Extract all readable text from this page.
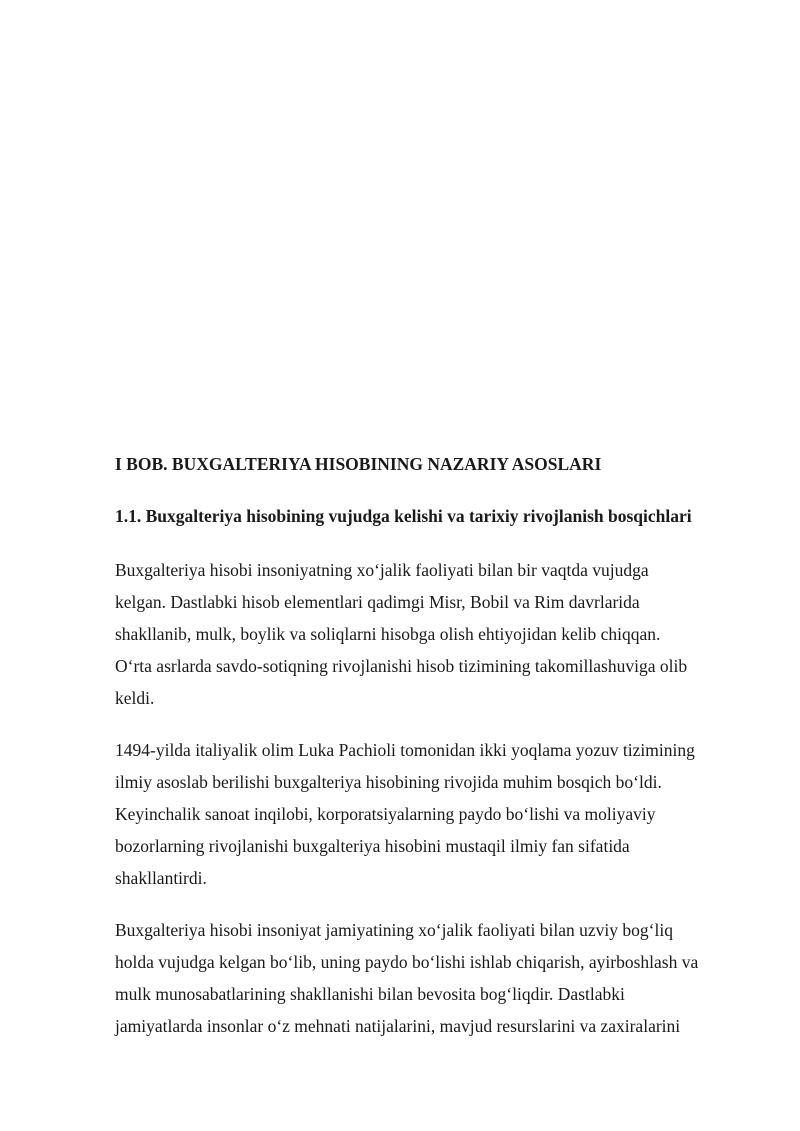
I BOB. BUXGALTERIYA HISOBINING NAZARIY ASOSLARI
1.1. Buxgalteriya hisobining vujudga kelishi va tarixiy rivojlanish bosqichlari
Buxgalteriya hisobi insoniyatning xo‘jalik faoliyati bilan bir vaqtda vujudga
kelgan. Dastlabki hisob elementlari qadimgi Misr, Bobil va Rim davrlarida
shakllanib, mulk, boylik va soliqlarni hisobga olish ehtiyojidan kelib chiqqan.
O‘rta asrlarda savdo-sotiqning rivojlanishi hisob tizimining takomillashuviga olib
keldi.
1494-yilda italiyalik olim Luka Pachioli tomonidan ikki yoqlama yozuv tizimining
ilmiy asoslab berilishi buxgalteriya hisobining rivojida muhim bosqich bo‘ldi.
Keyinchalik sanoat inqilobi, korporatsiyalarning paydo bo‘lishi va moliyaviy
bozorlarning rivojlanishi buxgalteriya hisobini mustaqil ilmiy fan sifatida
shakllantirdi.
Buxgalteriya hisobi insoniyat jamiyatining xo‘jalik faoliyati bilan uzviy bog‘liq
holda vujudga kelgan bo‘lib, uning paydo bo‘lishi ishlab chiqarish, ayirboshlash va
mulk munosabatlarining shakllanishi bilan bevosita bog‘liqdir. Dastlabki
jamiyatlarda insonlar o‘z mehnati natijalarini, mavjud resurslarini va zaxiralarini
